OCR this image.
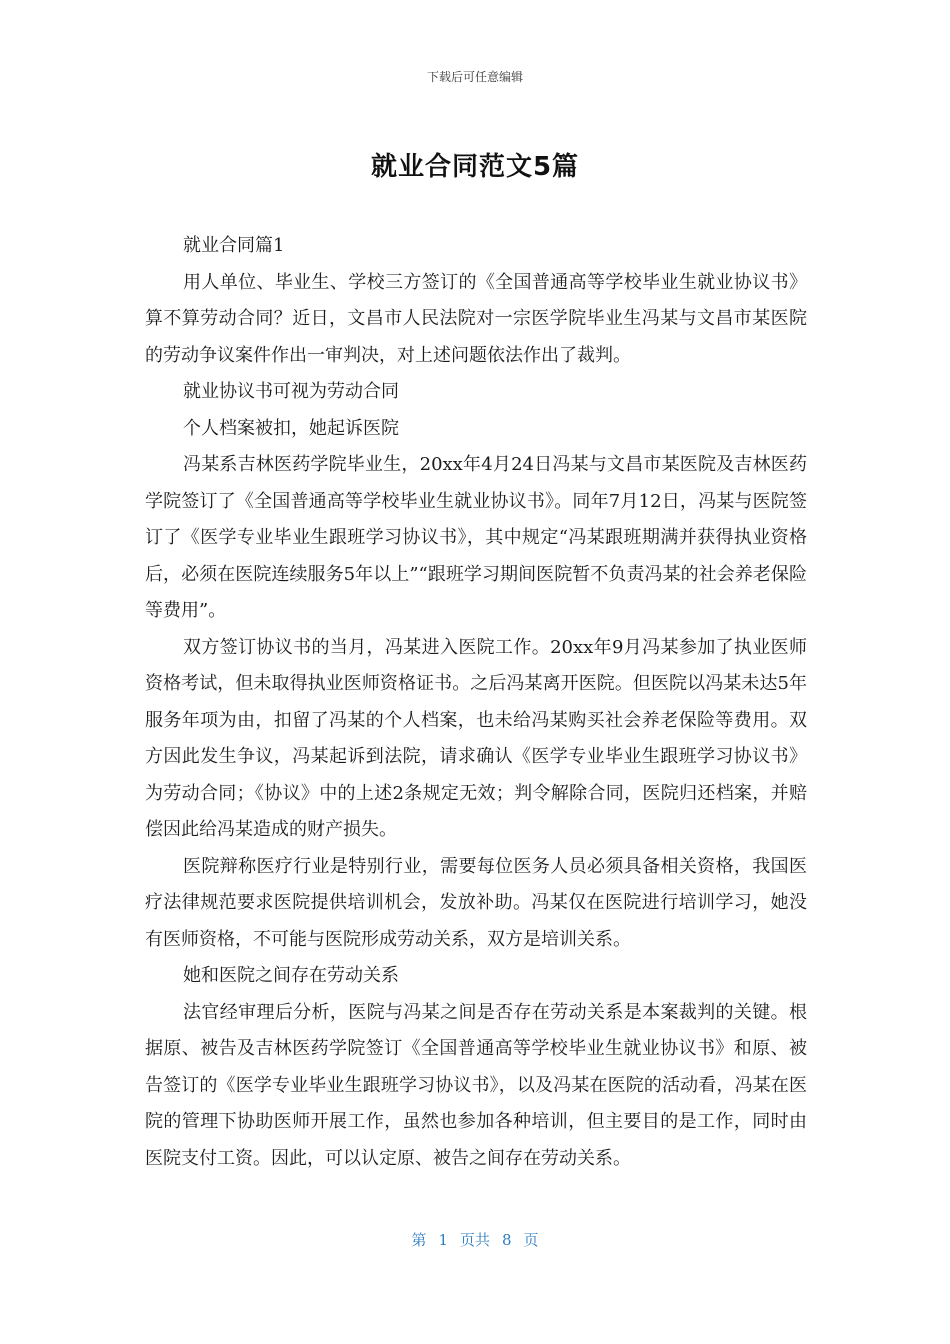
下载后可任意编辑
就业合同范文5篇

就业合同篇1

用人单位、毕业生、学校三方签订的《全国普通高等学校毕业生就业协议书》算不算劳动合同？近日，文昌市人民法院对一宗医学院毕业生冯某与文昌市某医院的劳动争议案件作出一审判决，对上述问题依法作出了裁判。

就业协议书可视为劳动合同

个人档案被扣，她起诉医院

冯某系吉林医药学院毕业生，20xx年4月24日冯某与文昌市某医院及吉林医药学院签订了《全国普通高等学校毕业生就业协议书》。同年7月12日，冯某与医院签订了《医学专业毕业生跟班学习协议书》，其中规定“冯某跟班期满并获得执业资格后，必须在医院连续服务5年以上”“跟班学习期间医院暂不负责冯某的社会养老保险等费用”。

双方签订协议书的当月，冯某进入医院工作。20xx年9月冯某参加了执业医师资格考试，但未取得执业医师资格证书。之后冯某离开医院。但医院以冯某未达5年服务年项为由，扣留了冯某的个人档案，也未给冯某购买社会养老保险等费用。双方因此发生争议，冯某起诉到法院，请求确认《医学专业毕业生跟班学习协议书》为劳动合同；《协议》中的上述2条规定无效；判令解除合同，医院归还档案，并赔偿因此给冯某造成的财产损失。

医院辩称医疗行业是特别行业，需要每位医务人员必须具备相关资格，我国医疗法律规范要求医院提供培训机会，发放补助。冯某仅在医院进行培训学习，她没有医师资格，不可能与医院形成劳动关系，双方是培训关系。

她和医院之间存在劳动关系

法官经审理后分析，医院与冯某之间是否存在劳动关系是本案裁判的关键。根据原、被告及吉林医药学院签订《全国普通高等学校毕业生就业协议书》和原、被告签订的《医学专业毕业生跟班学习协议书》，以及冯某在医院的活动看，冯某在医院的管理下协助医师开展工作，虽然也参加各种培训，但主要目的是工作，同时由医院支付工资。因此，可以认定原、被告之间存在劳动关系。

第 1 页共 8 页
